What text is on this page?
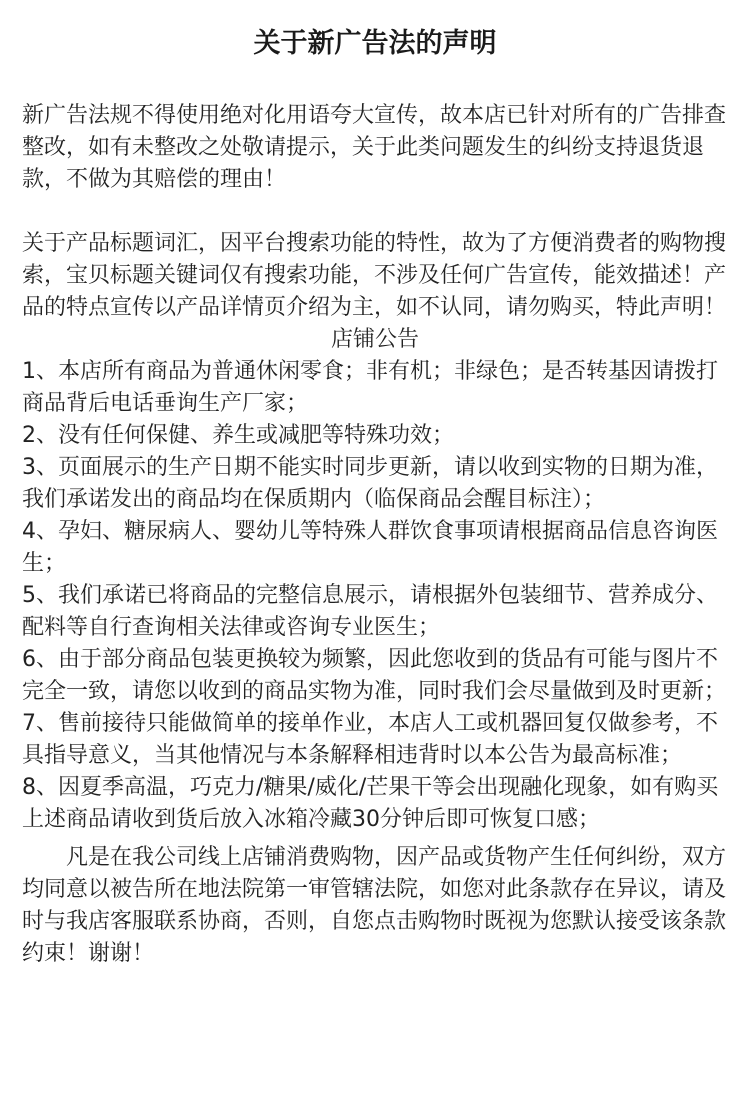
关于新广告法的声明

新广告法规不得使用绝对化用语夸大宣传，故本店已针对所有的广告排查整改，如有未整改之处敬请提示，关于此类问题发生的纠纷支持退货退款，不做为其赔偿的理由！

关于产品标题词汇，因平台搜索功能的特性，故为了方便消费者的购物搜索，宝贝标题关键词仅有搜索功能，不涉及任何广告宣传，能效描述！产品的特点宣传以产品详情页介绍为主，如不认同，请勿购买，特此声明！

店铺公告

1、本店所有商品为普通休闲零食；非有机；非绿色；是否转基因请拨打商品背后电话垂询生产厂家；

2、没有任何保健、养生或减肥等特殊功效；

3、页面展示的生产日期不能实时同步更新，请以收到实物的日期为准，我们承诺发出的商品均在保质期内（临保商品会醒目标注）；

4、孕妇、糖尿病人、婴幼儿等特殊人群饮食事项请根据商品信息咨询医生；

5、我们承诺已将商品的完整信息展示，请根据外包装细节、营养成分、配料等自行查询相关法律或咨询专业医生；

6、由于部分商品包装更换较为频繁，因此您收到的货品有可能与图片不完全一致，请您以收到的商品实物为准，同时我们会尽量做到及时更新；

7、售前接待只能做简单的接单作业，本店人工或机器回复仅做参考，不具指导意义，当其他情况与本条解释相违背时以本公告为最高标准；

8、因夏季高温，巧克力/糖果/威化/芒果干等会出现融化现象，如有购买上述商品请收到货后放入冰箱冷藏30分钟后即可恢复口感；

凡是在我公司线上店铺消费购物，因产品或货物产生任何纠纷，双方均同意以被告所在地法院第一审管辖法院，如您对此条款存在异议，请及时与我店客服联系协商，否则，自您点击购物时既视为您默认接受该条款约束！谢谢！
